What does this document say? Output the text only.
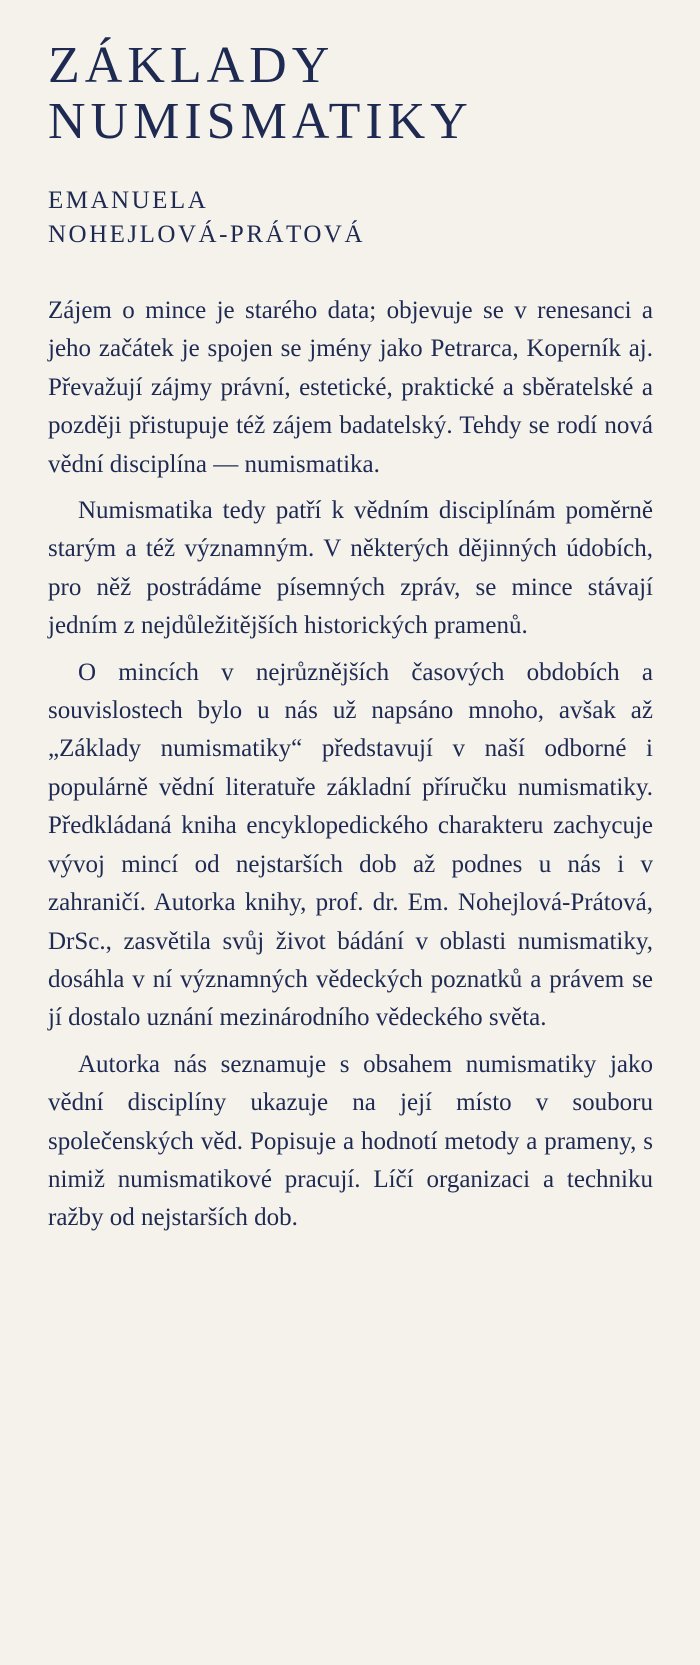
ZÁKLADY
NUMISMATIKY
EMANUELA
NOHEJLOVÁ-PRÁTOVÁ

Zájem o mince je starého data; objevuje se v renesanci a jeho začátek je spojen se jmény jako Petrarca, Koperník aj. Převažují zájmy právní, estetické, praktické a sběratelské a později přistupuje též zájem badatelský. Tehdy se rodí nová vědní disciplína — numismatika.

Numismatika tedy patří k vědním disciplínám poměrně starým a též významným. V některých dějinných údobích, pro něž postrádáme písemných zpráv, se mince stávají jedním z nejdůležitějších historických pramenů.

O mincích v nejrůznějších časových obdobích a souvislostech bylo u nás už napsáno mnoho, avšak až „Základy numismatiky“ představují v naší odborné i populárně vědní literatuře základní příručku numismatiky. Předkládaná kniha encyklopedického charakteru zachycuje vývoj mincí od nejstarších dob až podnes u nás i v zahraničí. Autorka knihy, prof. dr. Em. Nohejlová-Prátová, DrSc., zasvětila svůj život bádání v oblasti numismatiky, dosáhla v ní významných vědeckých poznatků a právem se jí dostalo uznání mezinárodního vědeckého světa.

Autorka nás seznamuje s obsahem numismatiky jako vědní disciplíny ukazuje na její místo v souboru společenských věd. Popisuje a hodnotí metody a prameny, s nimiž numismatikové pracují. Líčí organizaci a techniku ražby od nejstarších dob.
